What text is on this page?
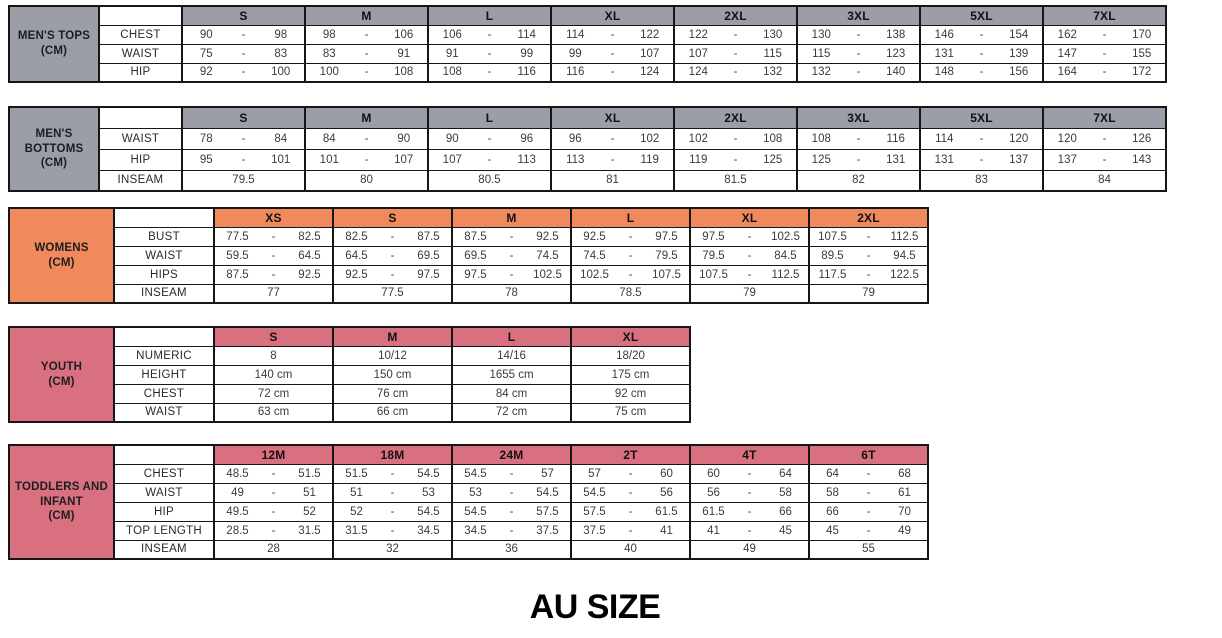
MEN'S TOPS
(CM)		S	M	L	XL	2XL	3XL	5XL	7XL
	CHEST	90 - 98	98 - 106	106 - 114	114 - 122	122 - 130	130 - 138	146 - 154	162 - 170

	WAIST	75 - 83	83 - 91	91 - 99	99 - 107	107 - 115	115 - 123	131 - 139	147 - 155

	HIP	92 - 100	100 - 108	108 - 116	116 - 124	124 - 132	132 - 140	148 - 156	164 - 172
MEN'S
BOTTOMS
(CM)		S	M	L	XL	2XL	3XL	5XL	7XL
	WAIST	78 - 84	84 - 90	90 - 96	96 - 102	102 - 108	108 - 116	114 - 120	120 - 126

	HIP	95 - 101	101 - 107	107 - 113	113 - 119	119 - 125	125 - 131	131 - 137	137 - 143

	INSEAM	79.5	80	80.5	81	81.5	82	83	84
WOMENS
(CM)		XS	S	M	L	XL	2XL
	BUST	77.5 - 82.5	82.5 - 87.5	87.5 - 92.5	92.5 - 97.5	97.5 - 102.5	107.5 - 112.5

	WAIST	59.5 - 64.5	64.5 - 69.5	69.5 - 74.5	74.5 - 79.5	79.5 - 84.5	89.5 - 94.5

	HIPS	87.5 - 92.5	92.5 - 97.5	97.5 - 102.5	102.5 - 107.5	107.5 - 112.5	117.5 - 122.5

	INSEAM	77	77.5	78	78.5	79	79
YOUTH
(CM)		S	M	L	XL
	NUMERIC	8	10/12	14/16	18/20
	HEIGHT	140 cm	150 cm	1655 cm	175 cm
	CHEST	72 cm	76 cm	84 cm	92 cm
	WAIST	63 cm	66 cm	72 cm	75 cm
TODDLERS AND
INFANT
(CM)		12M	18M	24M	2T	4T	6T
	CHEST	48.5 - 51.5	51.5 - 54.5	54.5 - 57	57 - 60	60 - 64	64 - 68

	WAIST	49 - 51	51 - 53	53 - 54.5	54.5 - 56	56 - 58	58 - 61

	HIP	49.5 - 52	52 - 54.5	54.5 - 57.5	57.5 - 61.5	61.5 - 66	66 - 70

	TOP LENGTH	28.5 - 31.5	31.5 - 34.5	34.5 - 37.5	37.5 - 41	41 - 45	45 - 49

	INSEAM	28	32	36	40	49	55
AU SIZE
